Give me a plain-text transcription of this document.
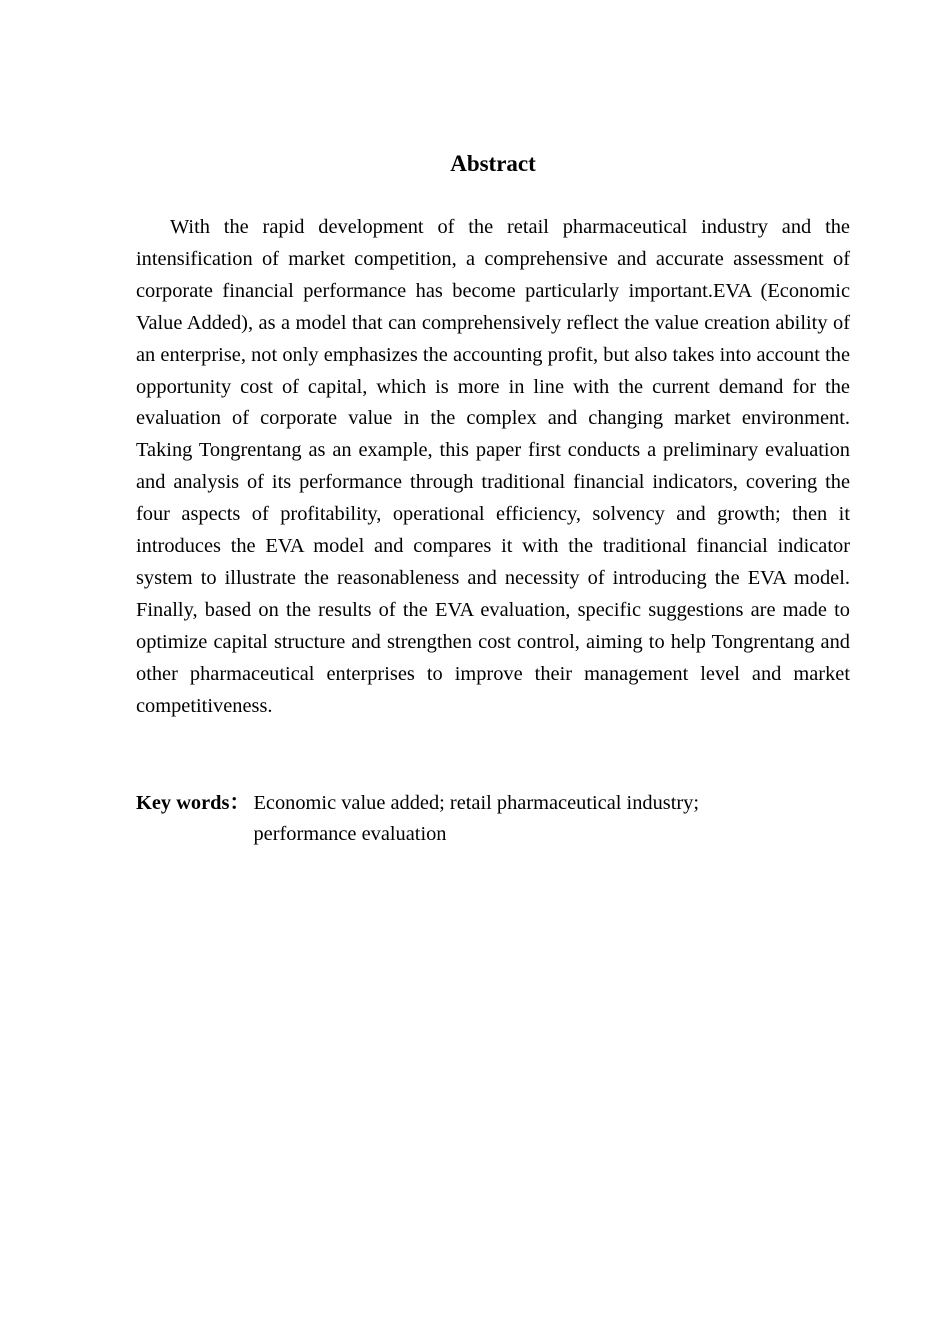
Abstract

With the rapid development of the retail pharmaceutical industry and the intensification of market competition, a comprehensive and accurate assessment of corporate financial performance has become particularly important.EVA (Economic Value Added), as a model that can comprehensively reflect the value creation ability of an enterprise, not only emphasizes the accounting profit, but also takes into account the opportunity cost of capital, which is more in line with the current demand for the evaluation of corporate value in the complex and changing market environment. Taking Tongrentang as an example, this paper first conducts a preliminary evaluation and analysis of its performance through traditional financial indicators, covering the four aspects of profitability, operational efficiency, solvency and growth; then it introduces the EVA model and compares it with the traditional financial indicator system to illustrate the reasonableness and necessity of introducing the EVA model. Finally, based on the results of the EVA evaluation, specific suggestions are made to optimize capital structure and strengthen cost control, aiming to help Tongrentang and other pharmaceutical enterprises to improve their management level and market competitiveness.

Key words ： Economic value added; retail pharmaceutical industry;
performance evaluation
